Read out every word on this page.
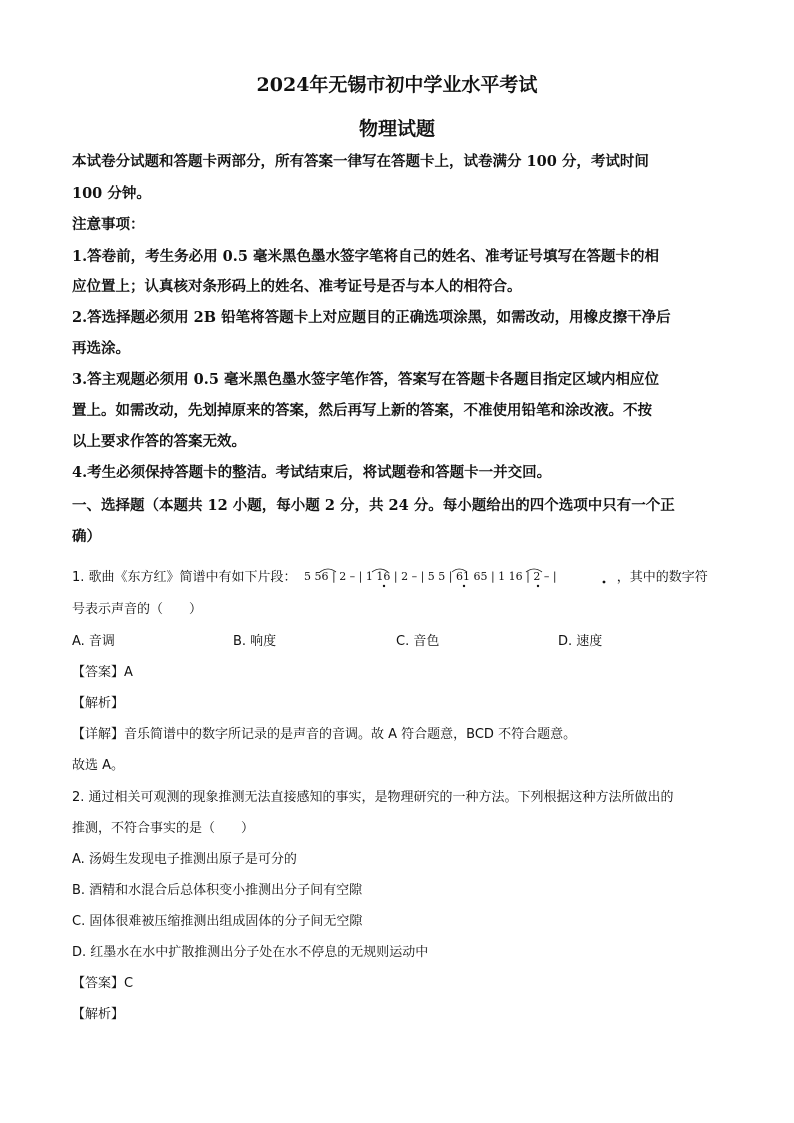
2024年无锡市初中学业水平考试
物理试题
本试卷分试题和答题卡两部分，所有答案一律写在答题卡上，试卷满分 100 分，考试时间
100 分钟。
注意事项：
1.答卷前，考生务必用 0.5 毫米黑色墨水签字笔将自己的姓名、准考证号填写在答题卡的相
应位置上；认真核对条形码上的姓名、准考证号是否与本人的相符合。
2.答选择题必须用 2B 铅笔将答题卡上对应题目的正确选项涂黑，如需改动，用橡皮擦干净后
再选涂。
3.答主观题必须用 0.5 毫米黑色墨水签字笔作答，答案写在答题卡各题目指定区域内相应位
置上。如需改动，先划掉原来的答案，然后再写上新的答案，不准使用铅笔和涂改液。不按
以上要求作答的答案无效。
4.考生必须保持答题卡的整洁。考试结束后，将试题卷和答题卡一并交回。
一、选择题（本题共 12 小题，每小题 2 分，共 24 分。每小题给出的四个选项中只有一个正
确）
1. 歌曲《东方红》简谱中有如下片段： 5 56 | 2 – | 1 16 | 2 – | 5 5 | 61 65 | 1 16 | 2 – |	，其中的数字符
号表示声音的（　　）
A. 音调	B. 响度	C. 音色	D. 速度
【答案】A
【解析】
【详解】音乐简谱中的数字所记录的是声音的音调。故 A 符合题意，BCD 不符合题意。
故选 A。
2. 通过相关可观测的现象推测无法直接感知的事实，是物理研究的一种方法。下列根据这种方法所做出的
推测，不符合事实的是（　　）
A. 汤姆生发现电子推测出原子是可分的
B. 酒精和水混合后总体积变小推测出分子间有空隙
C. 固体很难被压缩推测出组成固体的分子间无空隙
D. 红墨水在水中扩散推测出分子处在水不停息的无规则运动中
【答案】C
【解析】
